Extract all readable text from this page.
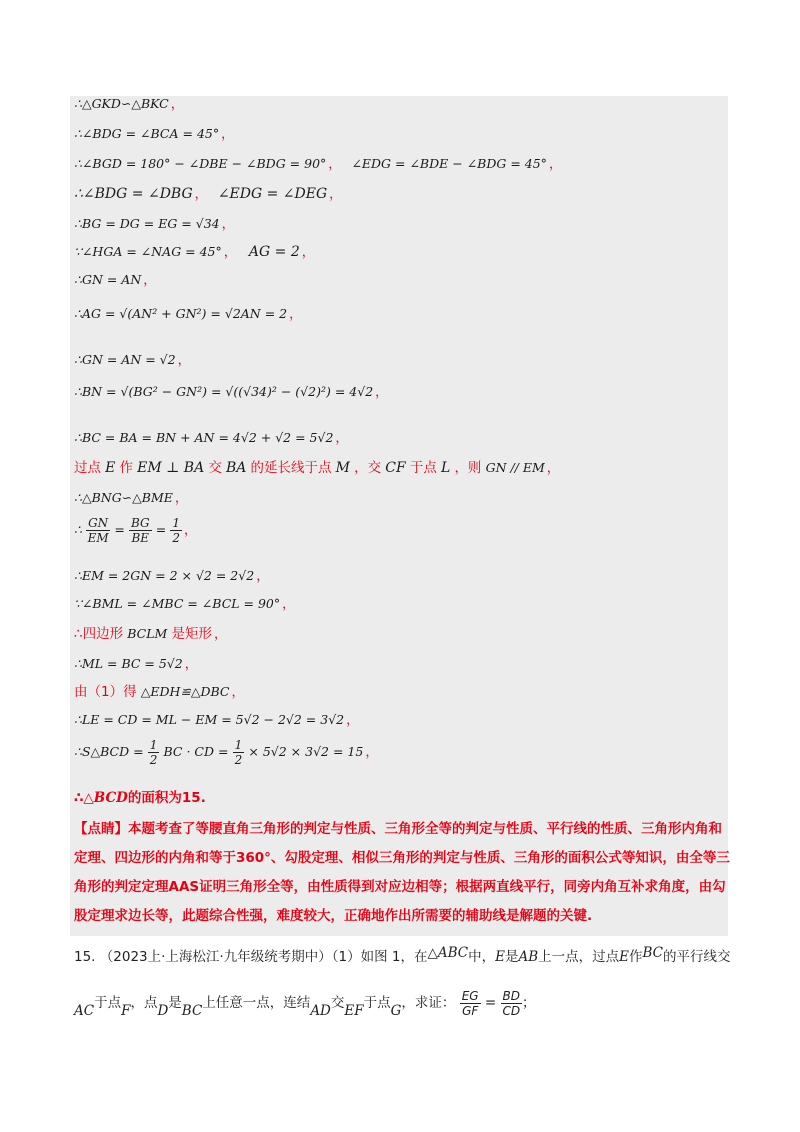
∴△GKD∽△BKC ，
∴∠BDG = ∠BCA = 45° ，
∴∠BGD = 180° − ∠DBE − ∠BDG = 90° ， ∠EDG = ∠BDE − ∠BDG = 45° ，
∴∠BDG = ∠DBG ， ∠EDG = ∠DEG ，
∴BG = DG = EG = √34 ，
∵∠HGA = ∠NAG = 45° ， AG = 2 ，
∴GN = AN ，
∴AG = √(AN² + GN²) = √2AN = 2 ，
∴GN = AN = √2 ，
∴BN = √(BG² − GN²) = √((√34)² − (√2)²) = 4√2 ，
∴BC = BA = BN + AN = 4√2 + √2 = 5√2 ，
过点 E 作 EM ⊥ BA 交 BA 的延长线于点 M ，交 CF 于点 L ，则 GN // EM ，
∴△BNG∽△BME ，
∴ $\frac{GN}{EM} = \frac{BG}{BE} = \frac{1}{2}$ ，
∴EM = 2GN = 2 × √2 = 2√2 ，
∵∠BML = ∠MBC = ∠BCL = 90° ，
∴四边形 BCLM 是矩形 ，
∴ML = BC = 5√2 ，
由（1）得 △EDH≌△DBC ，
∴LE = CD = ML − EM = 5√2 − 2√2 = 3√2 ，
∴S△BCD = $\frac{1}{2}$ BC · CD = $\frac{1}{2} \times 5√2 \times 3√2 = 15$ ，
∴△BCD的面积为15.
【点睛】本题考查了等腰直角三角形的判定与性质、三角形全等的判定与性质、平行线的性质、三角形内角和定理、四边形的内角和等于360°、勾股定理、相似三角形的判定与性质、三角形的面积公式等知识，由全等三角形的判定定理AAS证明三角形全等，由性质得到对应边相等；根据两直线平行，同旁内角互补求角度，由勾股定理求边长等，此题综合性强，难度较大，正确地作出所需要的辅助线是解题的关键.
15. （2023上·上海松江·九年级统考期中）（1）如图 1，在△ABC中，E是AB上一点，过点E作BC的平行线交
AC于点F，点D是BC上任意一点，连结AD交EF于点G，求证： $\frac{EG}{GF} = \frac{BD}{CD}$ ；
